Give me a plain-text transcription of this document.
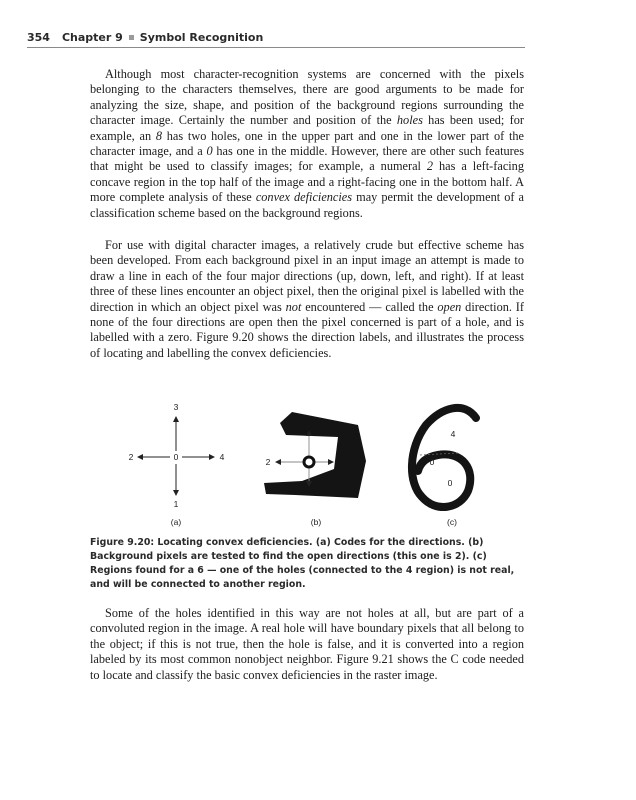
354 Chapter 9 Symbol Recognition

Although most character-recognition systems are concerned with the pixels belonging to the characters themselves, there are good arguments to be made for analyzing the size, shape, and position of the background regions surrounding the character image. Certainly the number and position of the holes has been used; for example, an 8 has two holes, one in the upper part and one in the lower part of the character image, and a 0 has one in the middle. However, there are other such features that might be used to classify images; for example, a numeral 2 has a left-facing concave region in the top half of the image and a right-facing one in the bottom half. A more complete analysis of these convex deficiencies may permit the development of a classification scheme based on the background regions.

For use with digital character images, a relatively crude but effective scheme has been developed. From each background pixel in an input image an attempt is made to draw a line in each of the four major directions (up, down, left, and right). If at least three of these lines encounter an object pixel, then the original pixel is labelled with the direction in which an object pixel was not encountered — called the open direction. If none of the four directions are open then the pixel concerned is part of a hole, and is labelled with a zero. Figure 9.20 shows the direction labels, and illustrates the process of locating and labelling the convex deficiencies.

3
1
2	4
0
(a)
2
(b)
4
0
0
(c)
Figure 9.20: Locating convex deficiencies. (a) Codes for the directions. (b) Background pixels are tested to find the open directions (this one is 2). (c) Regions found for a 6 — one of the holes (connected to the 4 region) is not real, and will be connected to another region.

Some of the holes identified in this way are not holes at all, but are part of a convoluted region in the image. A real hole will have boundary pixels that all belong to the object; if this is not true, then the hole is false, and it is converted into a region labeled by its most common nonobject neighbor. Figure 9.21 shows the C code needed to locate and classify the basic convex deficiencies in the raster image.
